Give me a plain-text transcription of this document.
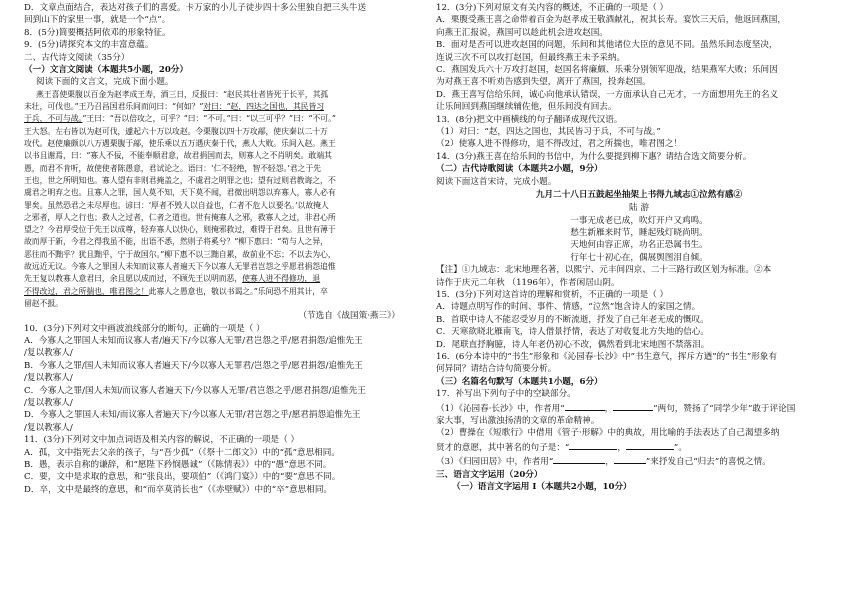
D．文章点面结合，表达对孩子们的喜爱。卡万家的小儿子徒步四十多公里独自把三头牛送
回到山下的家里一事，就是一个“点”。
8．(5分)简要概括阿依邓的形象特征。
9．(5分)请探究本文的丰富意蕴。
二、古代诗文阅读（35分）
（一）文言文阅读（本题共5小题，20分）
阅读下面的文言文，完成下面小题。
燕王喜使栗腹以百金为赵孝成王寿，酒三日，反报曰：“赵民其壮者皆死于长平，其孤
未壮，可伐也。”王乃召昌国君乐间而问曰：“何如？”对曰：“赵，四达之国也，其民皆习
于兵，不可与战。”王曰：“吾以倍攻之，可乎？”曰：“不可。”曰：“以三可乎？”曰：“不可。”
王大怒。左右皆以为赵可伐，遽起六十万以攻赵。令栗腹以四十万攻鄗，使庆秦以二十万
攻代。赵使廉颇以八万遇栗腹于鄗，使乐乘以五万遇庆秦于代，燕人大败。乐间入赵。燕王
以书且谢焉，曰：“寡人不佞，不能奉顺君意，故君捐国而去，则寡人之不肖明矣。敢端其
愚，而君不肯听，故使使者陈愚意，君试论之。语曰：‘仁不轻绝，智不轻怨。’君之于先
王也，世之所明知也。寡人望有非则君掩盖之，不虞君之明罪之也；望有过则君教诲之，不
虞君之明弃之也。且寡人之罪，国人莫不知，天下莫不闻，君微出明怨以弃寡人，寡人必有
罪矣。虽然恐君之未尽厚也。谚曰：‘厚者不毁人以自益也，仁者不危人以要名。’以故掩人
之邪者，厚人之行也；救人之过者，仁者之道也。世有掩寡人之邪，救寡人之过，非君心所
望之？今君厚受位于先王以成尊，轻弃寡人以快心，则掩邪救过，难得于君矣。且世有薄于
故而厚于新，今君之得我虽不能，出语不悉，然则子将奚兮？”柳下惠曰：“苟与人之异，
恶往而不黜乎？犹且黜乎，宁于故国尔。”柳下惠不以三黜自累，故前业不忘；不以去为心，
故远近无议。今寡人之罪国人未知而议寡人者遍天下今以寡人无罪君岂怨之乎愿君捐怨追惟
先王复以教寡人意君曰，余且愿以成而过，不顾先王以明而恶，使寡人进不得修功，退
不得改过，君之所揣也，唯君图之！此寡人之愚意也，敬以书谒之。”乐间恐不用其计，卒
留赵不报。
（节选自《战国策·燕三》）
10．(3分)下列对文中画波浪线部分的断句，正确的一项是（ ）
A．今寡人之罪国人未知而议寡人者/遍天下/今以寡人无罪/君岂怨之乎/愿君捐怨/追惟先王
/复以教寡人/
B．今寡人之罪/国人未知而议寡人者遍天下/今以寡人无罪君/岂怨之乎/愿君捐怨/追惟先王
/复以教寡人/
C．今寡人之罪/国人未知/而议寡人者遍天下/今以寡人无罪/君岂怨之乎/愿君捐怨/追惟先王
/复以教寡人/
D．今寡人之罪国人未知/而议寡人者遍天下/今以寡人无罪/君岂怨之乎/愿君捐怨追惟先王
/复以教寡人/
11．(3分)下列对文中加点词语及相关内容的解说，不正确的一项是（ ）
A．孤，文中指死去父亲的孩子，与“吾少孤”（《祭十二郎文》）中的“孤”意思相同。
B．愚，表示自称的谦辞，和“愿陛下矜悯愚诚”（《陈情表》）中的“愚”意思不同。
C．要，文中是求取的意思，和“张良出，要项伯”（《鸿门宴》）中的“要”意思不同。
D．卒，文中是最终的意思，和“而卒莫消长也”（《赤壁赋》）中的“卒”意思相同。
12．(3分)下列对原文有关内容的概述，不正确的一项是（ ）
A．栗腹受燕王喜之命带着百金为赵孝成王敬酒献礼，祝其长寿。宴饮三天后，他返回燕国，
向燕王汇报说，燕国可以趁此机会进攻赵国。
B．面对是否可以进攻赵国的问题，乐间和其他诸位大臣的意见不同。虽然乐间态度坚决，
连说三次不可以攻打赵国，但最终燕王未予采纳。
C．燕国发兵六十万攻打赵国，赵国名将廉颇、乐乘分别领军迎战，结果燕军大败；乐间因
为对燕王喜不听劝告感到失望，离开了燕国，投奔赵国。
D．燕王喜写信给乐间，诚心向他承认错误，一方面承认自己无才，一方面想用先王的名义
让乐间回到燕国继续辅佐他，但乐间没有回去。
13．(8分)把文中画横线的句子翻译成现代汉语。
（1）对曰：“赵，四达之国也，其民皆习于兵，不可与战。”
（2）使寡人进不得修功，退不得改过，君之所揣也，唯君图之！
14．(3分)燕王喜在给乐间的书信中，为什么要提到柳下惠？请结合选文简要分析。
（二）古代诗歌阅读（本题共2小题，9分）
阅读下面这首宋诗，完成小题。
九月二十八日五鼓起坐抽架上书得九域志①泣然有感②
陆 游
一事无成老已成，吹灯开户又鸡鸣。
愁生新雁来时节，睡起残灯晓尚明。
天地何由容正席，功名正恐属书生。
行年七十初心在，偶展舆图泪自倾。
【注】①九域志：北宋地理名著，以熙宁、元丰间四京、二十三路行政区划为标准。②本
诗作于庆元二年秋 （1196年），作者闲居山阴。
15．(3分)下列对这首诗的理解和赏析，不正确的一项是（ ）
A．诗题点明写作的时间、事件、情感，“泣然”饱含诗人的家国之情。
B．首联中诗人不能忍受岁月的不断流逝，抒发了自己年老无成的慨叹。
C．天寒欲晓北雁南飞，诗人借景抒情，表达了对收复北方失地的信心。
D．尾联直抒胸臆，诗人年老仍初心不改，偶然看到北宋地图不禁落泪。
16．(6分本诗中的“书生”形象和《沁园春·长沙》中“书生意气，挥斥方遒”的“书生”形象有
何异同？请结合诗句简要分析。
（三）名篇名句默写（本题共1小题，6分）
17．补写出下列句子中的空缺部分。
（1）《沁园春·长沙》中，作者用“	，	”两句，赞扬了“同学少年”敢于评论国
家大事，写出激浊扬清的文章的革命精神。
（2）曹操在《短歌行》中借用《管子·形解》中的典故，用比喻的手法表达了自己渴望多纳
贤才的意愿，其中著名的句子是：“	，	”。
（3）《归园田居》中，作者用“	，	”来抒发自己“归去”的喜悦之情。
三、语言文字运用（20分）
（一）语言文字运用 Ⅰ（本题共2小题，10分）
